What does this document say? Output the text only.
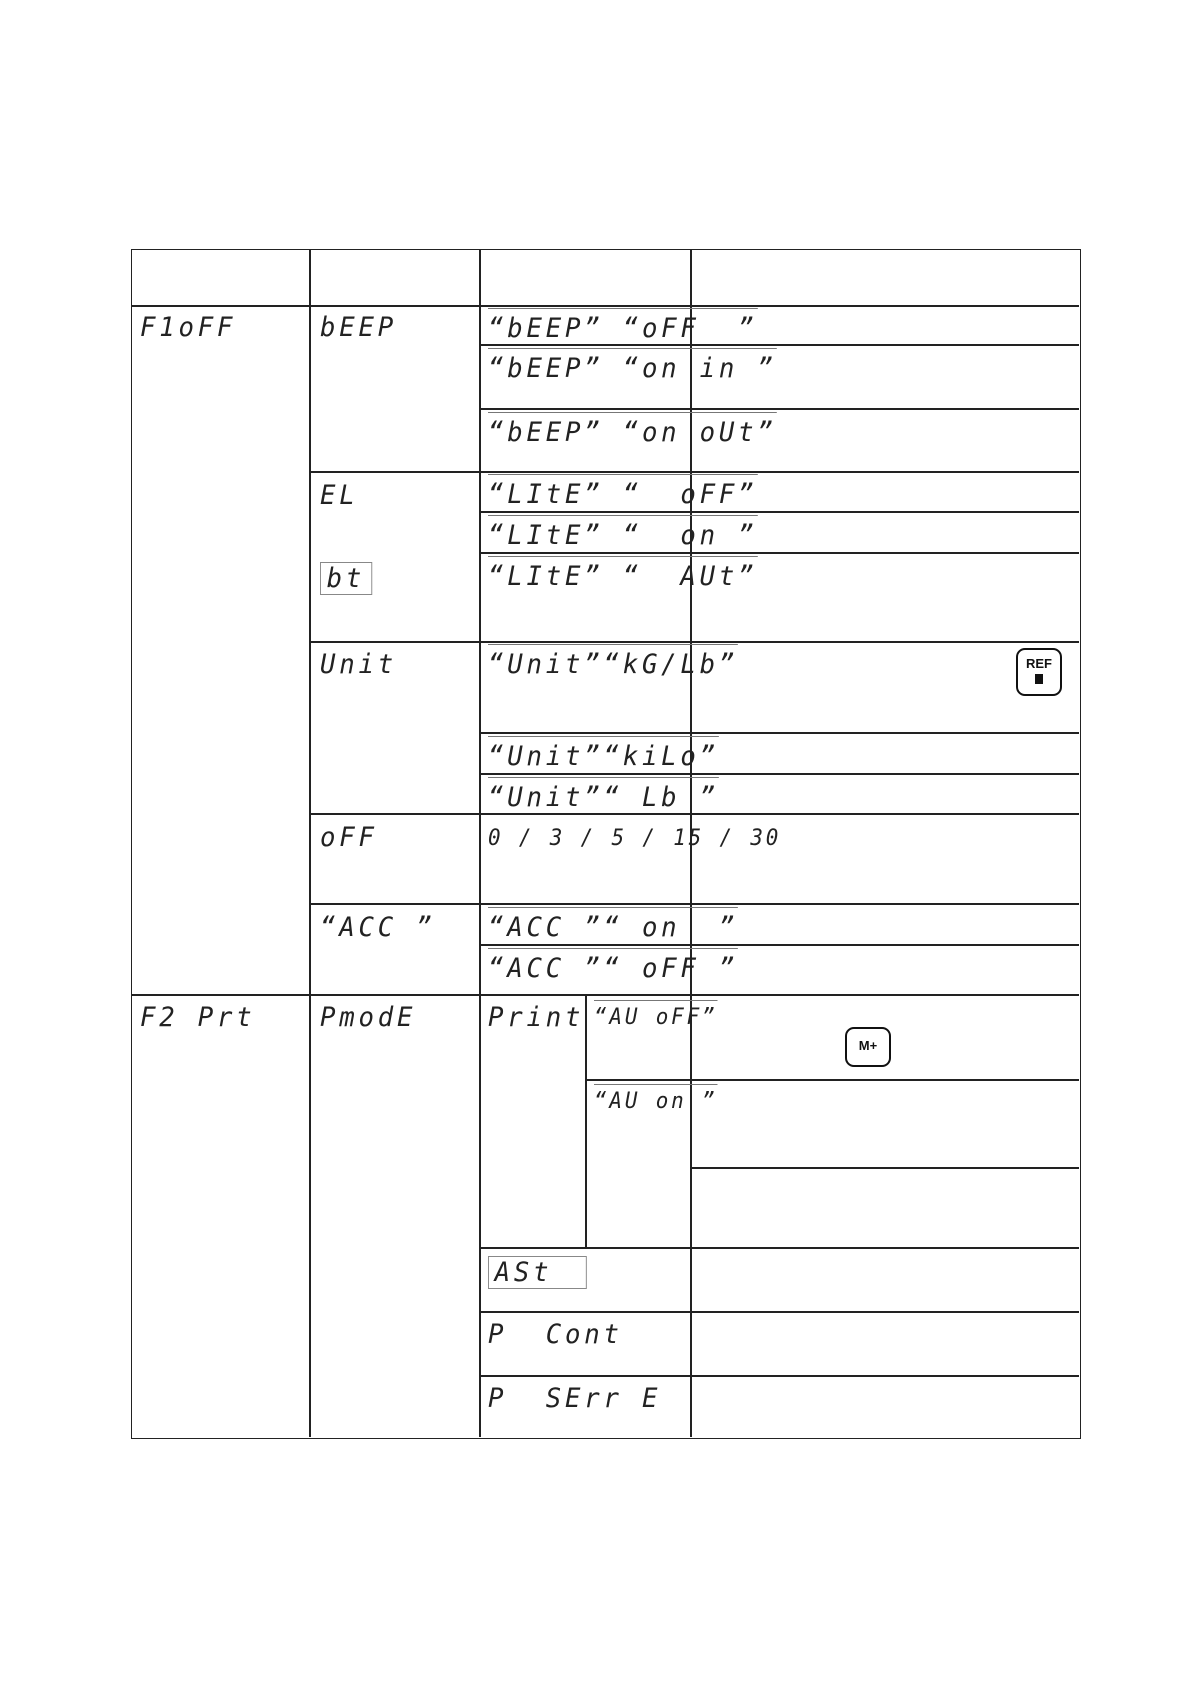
F1oFF
F2 Prt
bEEP
EL
bt
Unit
oFF
“ACC ”
PmodE
“bEEP” “oFF  ”
“bEEP” “on in ”
“bEEP” “on oUt”
“LItE” “  oFF”
“LItE” “  on ”
“LItE” “  AUt”
“Unit”“kG/Lb”
“Unit”“kiLo”
“Unit”“ Lb ”
0 / 3 / 5 / 15 / 30
“ACC ”“ on  ”
“ACC ”“ oFF ”
Print “AU oFF”
“AU on ”
ASt
P  Cont
P  SErr E
REF
M+
